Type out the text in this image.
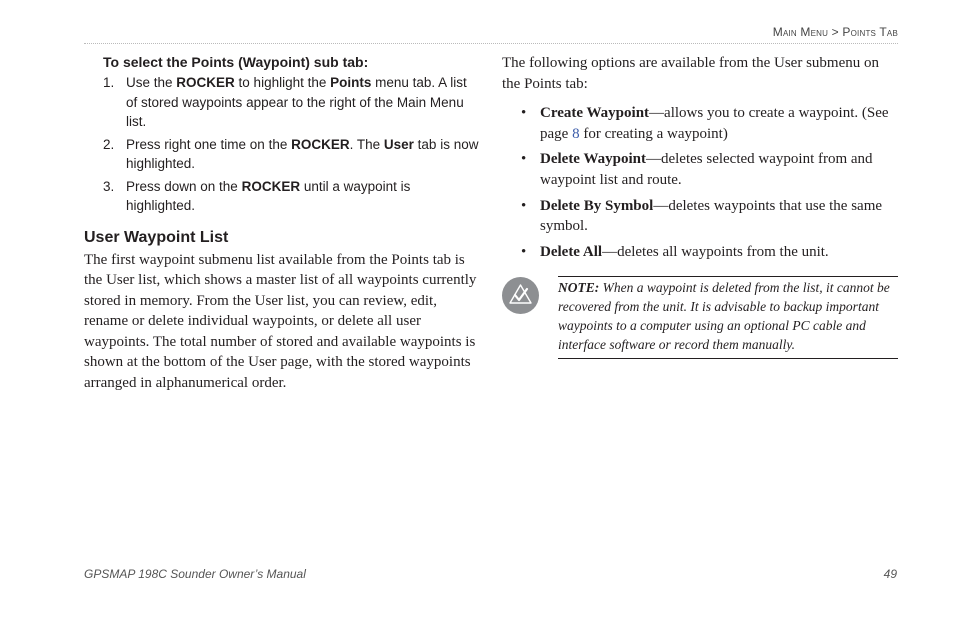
Main Menu > Points Tab

To select the Points (Waypoint) sub tab:

1. Use the ROCKER to highlight the Points menu tab. A list of stored waypoints appear to the right of the Main Menu list.
2. Press right one time on the ROCKER. The User tab is now highlighted.
3. Press down on the ROCKER until a waypoint is highlighted.
User Waypoint List

The first waypoint submenu list available from the Points tab is the User list, which shows a master list of all waypoints currently stored in memory. From the User list, you can review, edit, rename or delete individual waypoints, or delete all user waypoints. The total number of stored and available waypoints is shown at the bottom of the User page, with the stored waypoints arranged in alphanumerical order.

The following options are available from the User submenu on the Points tab:

• Create Waypoint—allows you to create a waypoint. (See page 8 for creating a waypoint)
• Delete Waypoint—deletes selected waypoint from and waypoint list and route.
• Delete By Symbol—deletes waypoints that use the same symbol.
• Delete All—deletes all waypoints from the unit.
NOTE: When a waypoint is deleted from the list, it cannot be recovered from the unit. It is advisable to backup important waypoints to a computer using an optional PC cable and interface software or record them manually.
GPSMAP 198C Sounder Owner’s Manual	49
